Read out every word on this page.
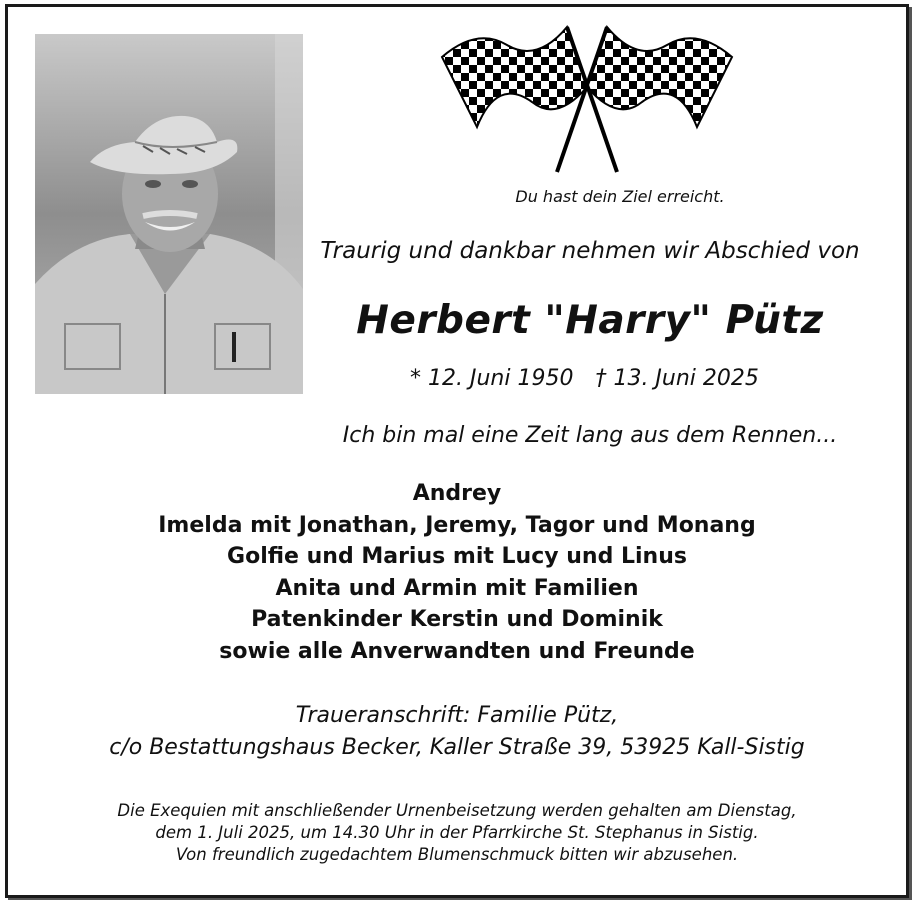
Du hast dein Ziel erreicht.
Traurig und dankbar nehmen wir Abschied von
Herbert "Harry" Pütz
* 12. Juni 1950 † 13. Juni 2025
Ich bin mal eine Zeit lang aus dem Rennen...
Andrey
Imelda mit Jonathan, Jeremy, Tagor und Monang
Golfie und Marius mit Lucy und Linus
Anita und Armin mit Familien
Patenkinder Kerstin und Dominik
sowie alle Anverwandten und Freunde
Traueranschrift: Familie Pütz,
c/o Bestattungshaus Becker, Kaller Straße 39, 53925 Kall-Sistig
Die Exequien mit anschließender Urnenbeisetzung werden gehalten am Dienstag,
dem 1. Juli 2025, um 14.30 Uhr in der Pfarrkirche St. Stephanus in Sistig.
Von freundlich zugedachtem Blumenschmuck bitten wir abzusehen.
